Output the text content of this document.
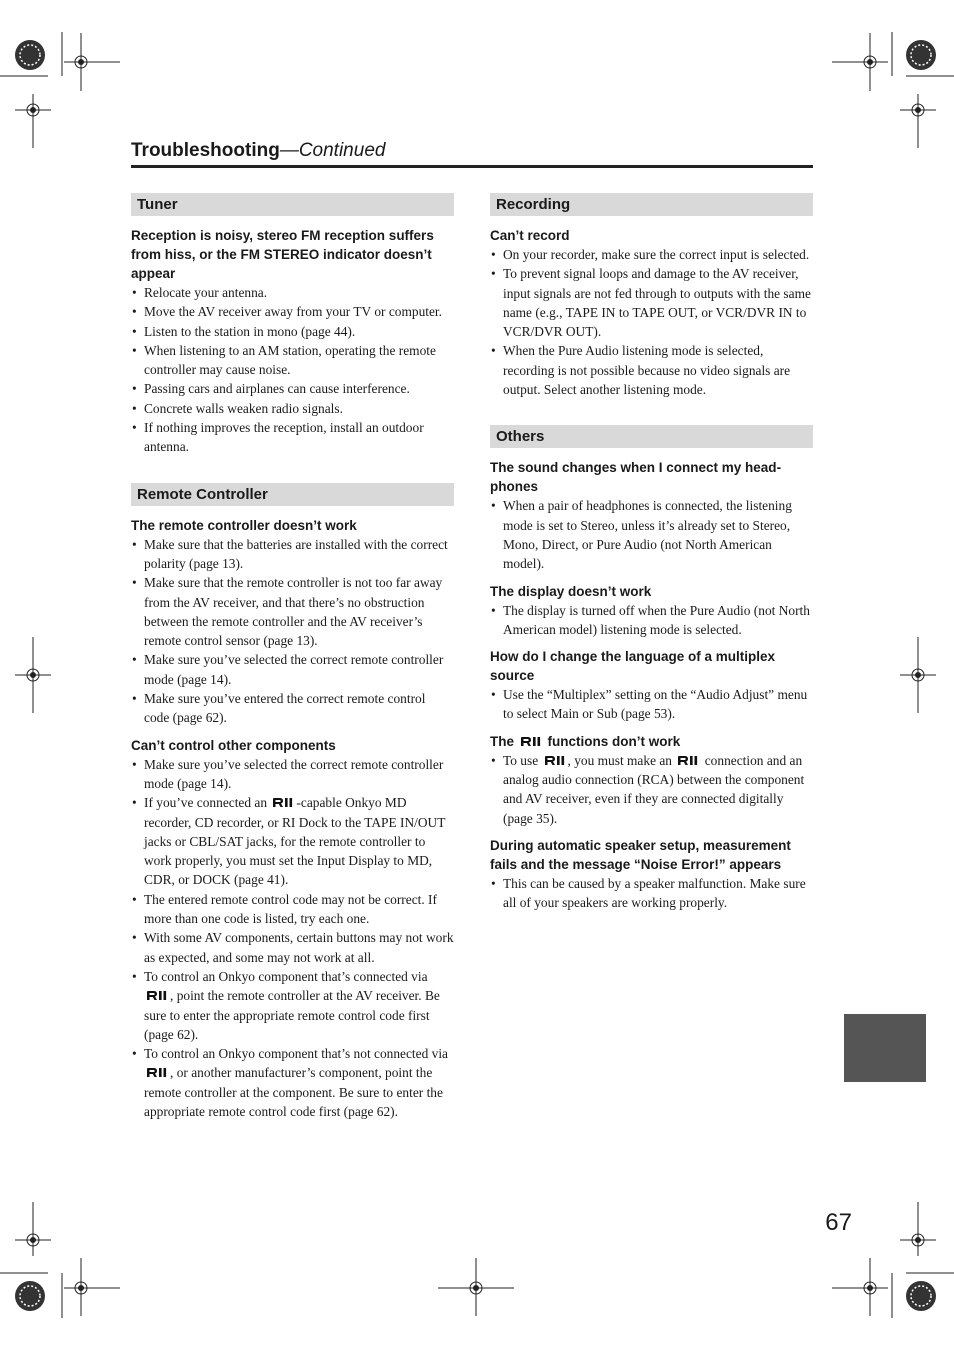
Troubleshooting—Continued
Tuner
Reception is noisy, stereo FM reception suffers from hiss, or the FM STEREO indicator doesn’t appear
• Relocate your antenna.
• Move the AV receiver away from your TV or computer.
• Listen to the station in mono (page 44).
• When listening to an AM station, operating the remote controller may cause noise.
• Passing cars and airplanes can cause interference.
• Concrete walls weaken radio signals.
• If nothing improves the reception, install an outdoor antenna.
Remote Controller
The remote controller doesn’t work
• Make sure that the batteries are installed with the correct polarity (page 13).
• Make sure that the remote controller is not too far away from the AV receiver, and that there’s no obstruction between the remote controller and the AV receiver’s remote control sensor (page 13).
• Make sure you’ve selected the correct remote controller mode (page 14).
• Make sure you’ve entered the correct remote control code (page 62).
Can’t control other components
• Make sure you’ve selected the correct remote controller mode (page 14).
• If you’ve connected an -capable Onkyo MD recorder, CD recorder, or RI Dock to the TAPE IN/OUT jacks or CBL/SAT jacks, for the remote controller to work properly, you must set the Input Display to MD, CDR, or DOCK (page 41).
• The entered remote control code may not be correct. If more than one code is listed, try each one.
• With some AV components, certain buttons may not work as expected, and some may not work at all.
• To control an Onkyo component that’s connected via , point the remote controller at the AV receiver. Be sure to enter the appropriate remote control code first (page 62).
• To control an Onkyo component that’s not connected via , or another manufacturer’s component, point the remote controller at the component. Be sure to enter the appropriate remote control code first (page 62).
Recording
Can’t record
• On your recorder, make sure the correct input is selected.
• To prevent signal loops and damage to the AV receiver, input signals are not fed through to outputs with the same name (e.g., TAPE IN to TAPE OUT, or VCR/DVR IN to VCR/DVR OUT).
• When the Pure Audio listening mode is selected, recording is not possible because no video signals are output. Select another listening mode.
Others
The sound changes when I connect my headphones
• When a pair of headphones is connected, the listening mode is set to Stereo, unless it’s already set to Stereo, Mono, Direct, or Pure Audio (not North American model).
The display doesn’t work
• The display is turned off when the Pure Audio (not North American model) listening mode is selected.
How do I change the language of a multiplex source
• Use the “Multiplex” setting on the “Audio Adjust” menu to select Main or Sub (page 53).
The functions don’t work
• To use , you must make an connection and an analog audio connection (RCA) between the component and AV receiver, even if they are connected digitally (page 35).
During automatic speaker setup, measurement fails and the message “Noise Error!” appears
• This can be caused by a speaker malfunction. Make sure all of your speakers are working properly.
67
